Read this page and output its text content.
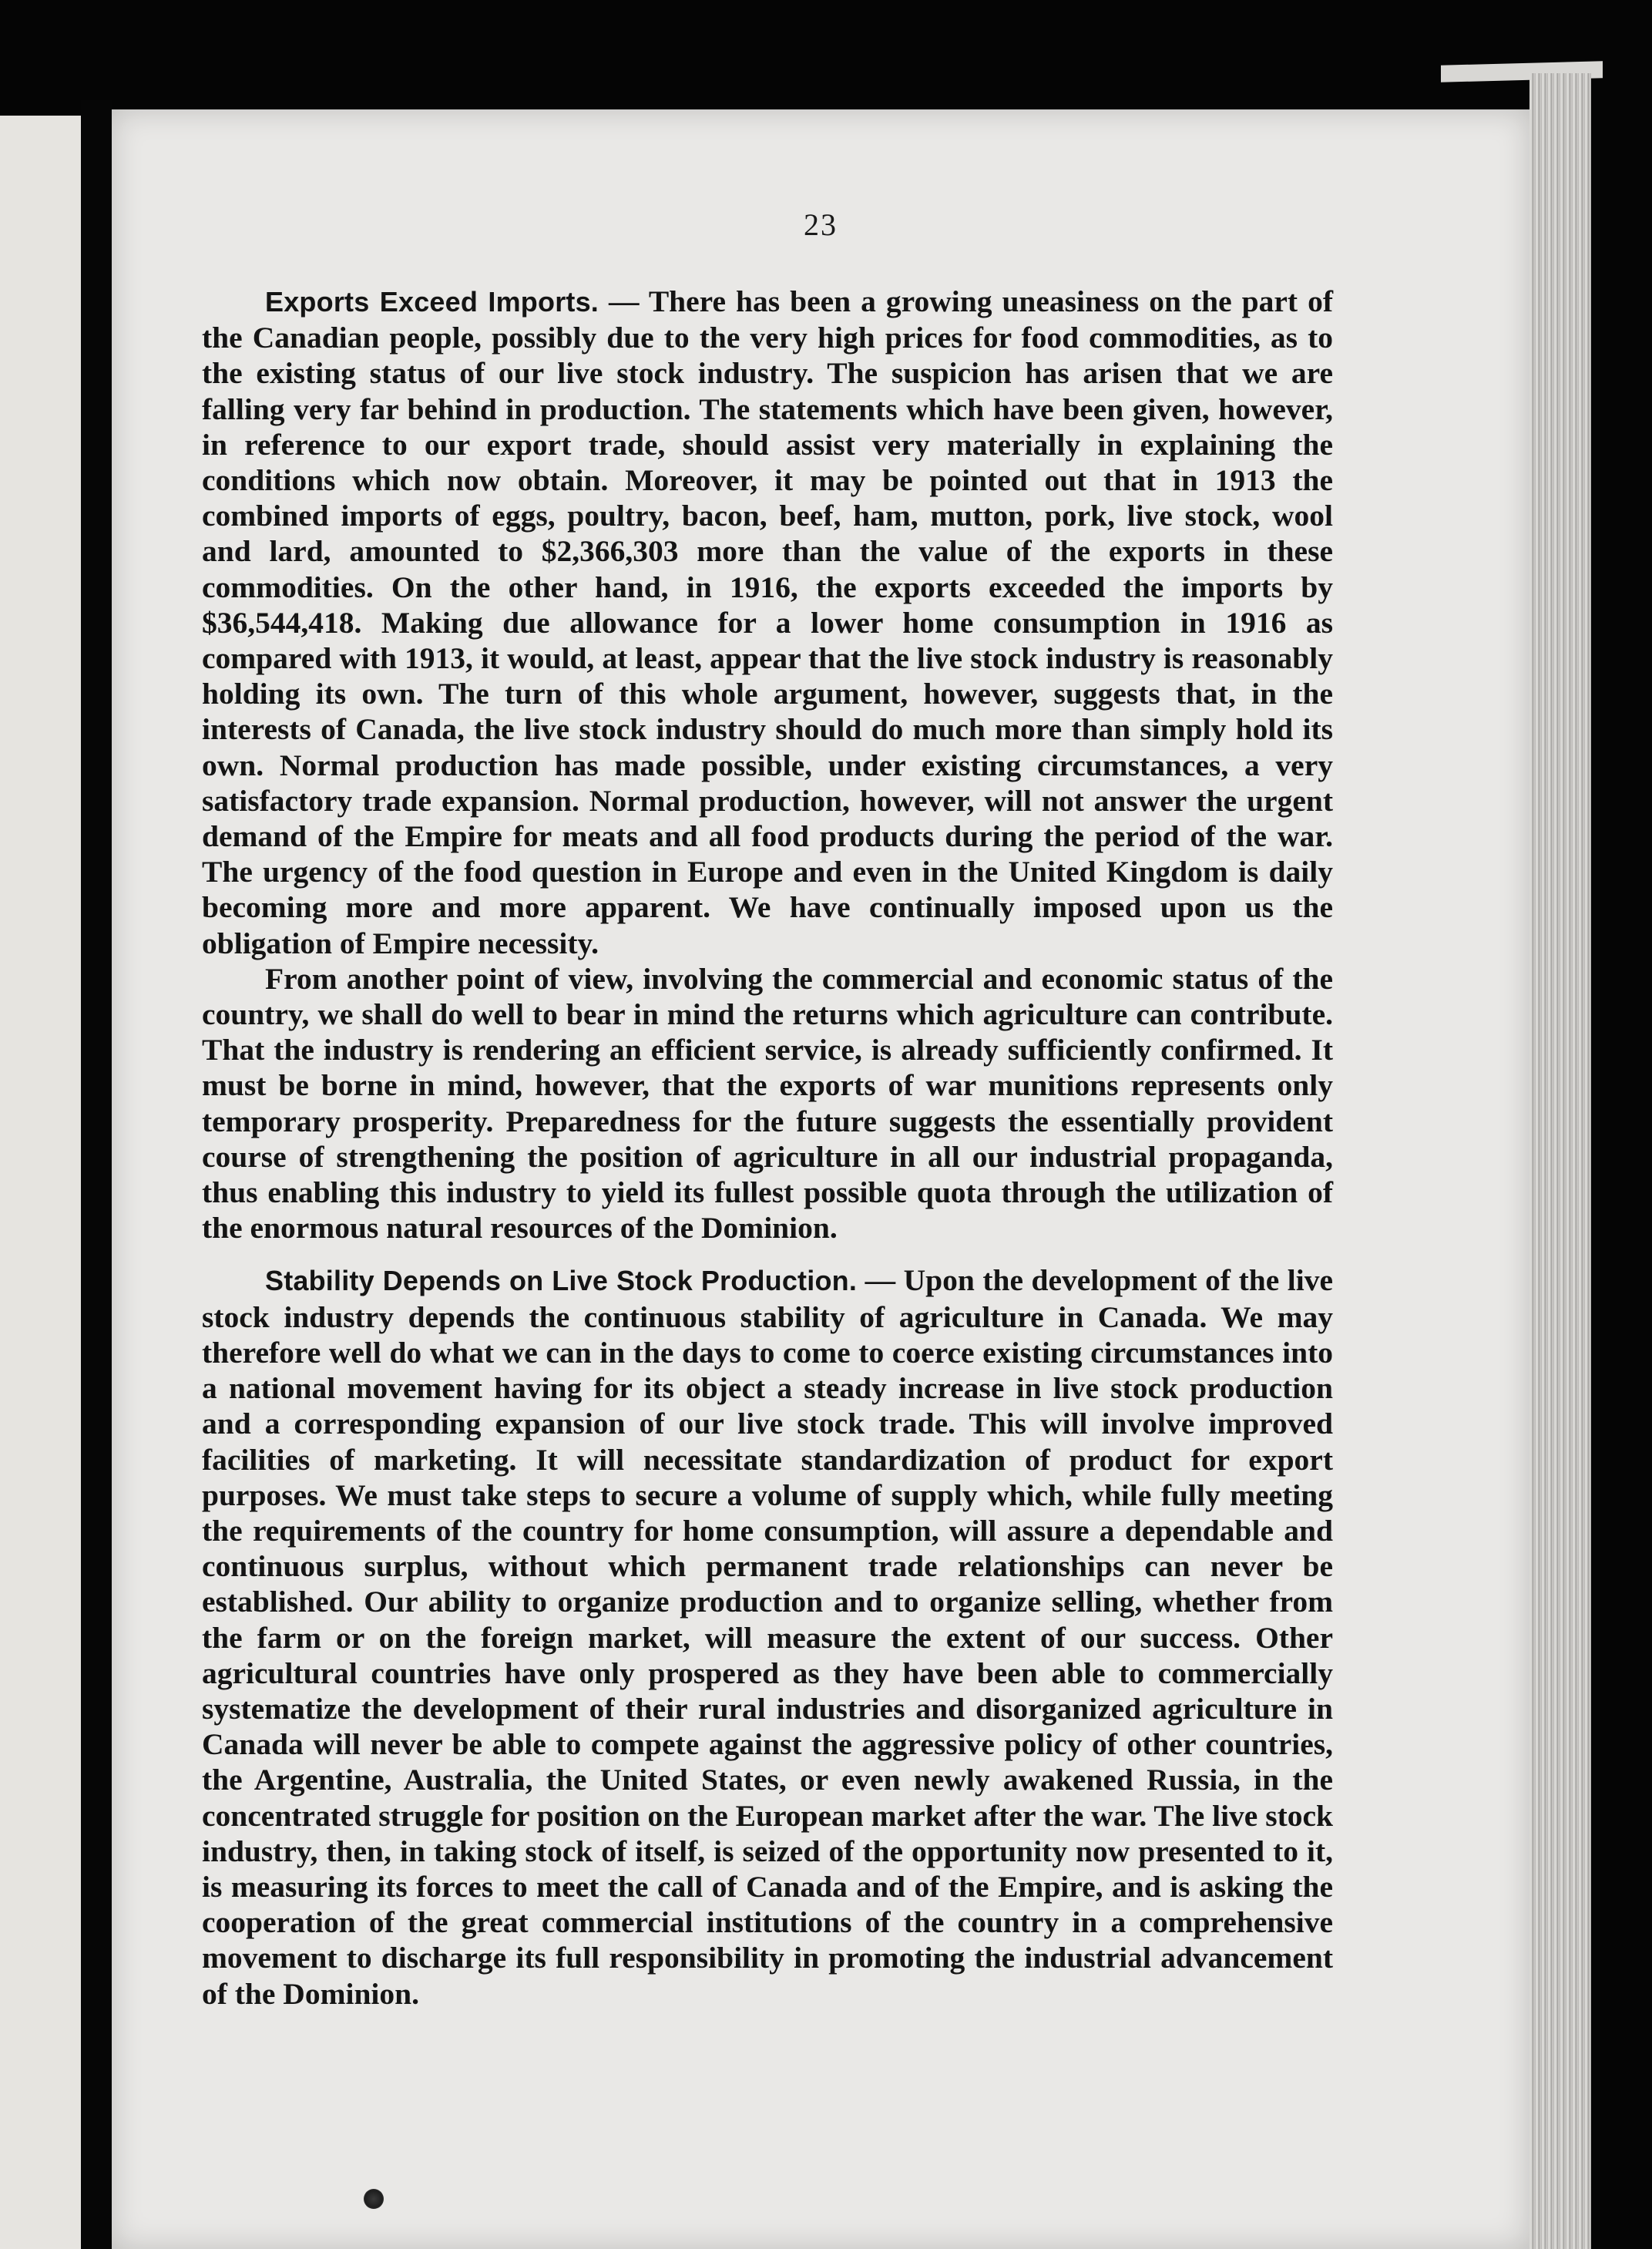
23

Exports Exceed Imports. — There has been a growing uneasiness on the part of the Canadian people, possibly due to the very high prices for food commodities, as to the existing status of our live stock industry. The suspicion has arisen that we are falling very far behind in production. The statements which have been given, however, in reference to our export trade, should assist very materially in explaining the conditions which now obtain. Moreover, it may be pointed out that in 1913 the combined imports of eggs, poultry, bacon, beef, ham, mutton, pork, live stock, wool and lard, amounted to $2,366,303 more than the value of the exports in these commodities. On the other hand, in 1916, the exports exceeded the imports by $36,544,418. Making due allowance for a lower home consumption in 1916 as compared with 1913, it would, at least, appear that the live stock industry is reasonably holding its own. The turn of this whole argument, however, suggests that, in the interests of Canada, the live stock industry should do much more than simply hold its own. Normal production has made possible, under existing circumstances, a very satisfactory trade expansion. Normal production, however, will not answer the urgent demand of the Empire for meats and all food products during the period of the war. The urgency of the food question in Europe and even in the United Kingdom is daily becoming more and more apparent. We have continually imposed upon us the obligation of Empire necessity.

From another point of view, involving the commercial and economic status of the country, we shall do well to bear in mind the returns which agriculture can contribute. That the industry is rendering an efficient service, is already sufficiently confirmed. It must be borne in mind, however, that the exports of war munitions represents only temporary prosperity. Preparedness for the future suggests the essentially provident course of strengthening the position of agriculture in all our industrial propaganda, thus enabling this industry to yield its fullest possible quota through the utilization of the enormous natural resources of the Dominion.

Stability Depends on Live Stock Production. — Upon the development of the live stock industry depends the continuous stability of agriculture in Canada. We may therefore well do what we can in the days to come to coerce existing circumstances into a national movement having for its object a steady increase in live stock production and a corresponding expansion of our live stock trade. This will involve improved facilities of marketing. It will necessitate standardization of product for export purposes. We must take steps to secure a volume of supply which, while fully meeting the requirements of the country for home consumption, will assure a dependable and continuous surplus, without which permanent trade relationships can never be established. Our ability to organize production and to organize selling, whether from the farm or on the foreign market, will measure the extent of our success. Other agricultural countries have only prospered as they have been able to commercially systematize the development of their rural industries and disorganized agriculture in Canada will never be able to compete against the aggressive policy of other countries, the Argentine, Australia, the United States, or even newly awakened Russia, in the concentrated struggle for position on the European market after the war. The live stock industry, then, in taking stock of itself, is seized of the opportunity now presented to it, is measuring its forces to meet the call of Canada and of the Empire, and is asking the cooperation of the great commercial institutions of the country in a comprehensive movement to discharge its full responsibility in promoting the industrial advancement of the Dominion.
